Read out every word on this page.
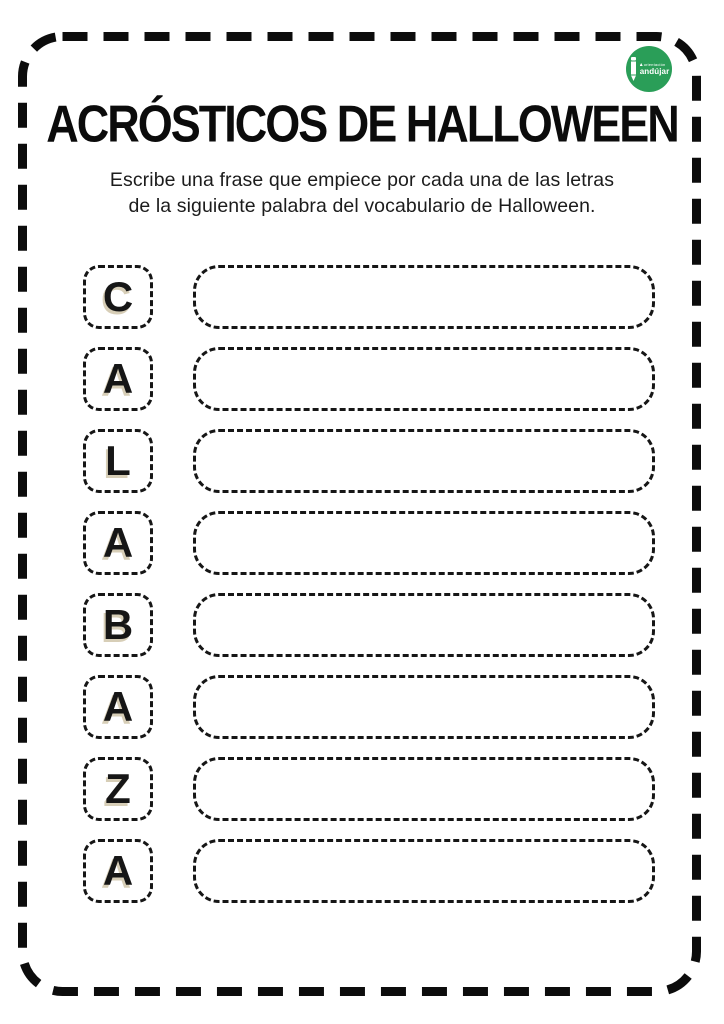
orientación
andújar
ACRÓSTICOS DE HALLOWEEN
Escribe una frase que empiece por cada una de las letras
de la siguiente palabra del vocabulario de Halloween.
C
A
L
A
B
A
Z
A
